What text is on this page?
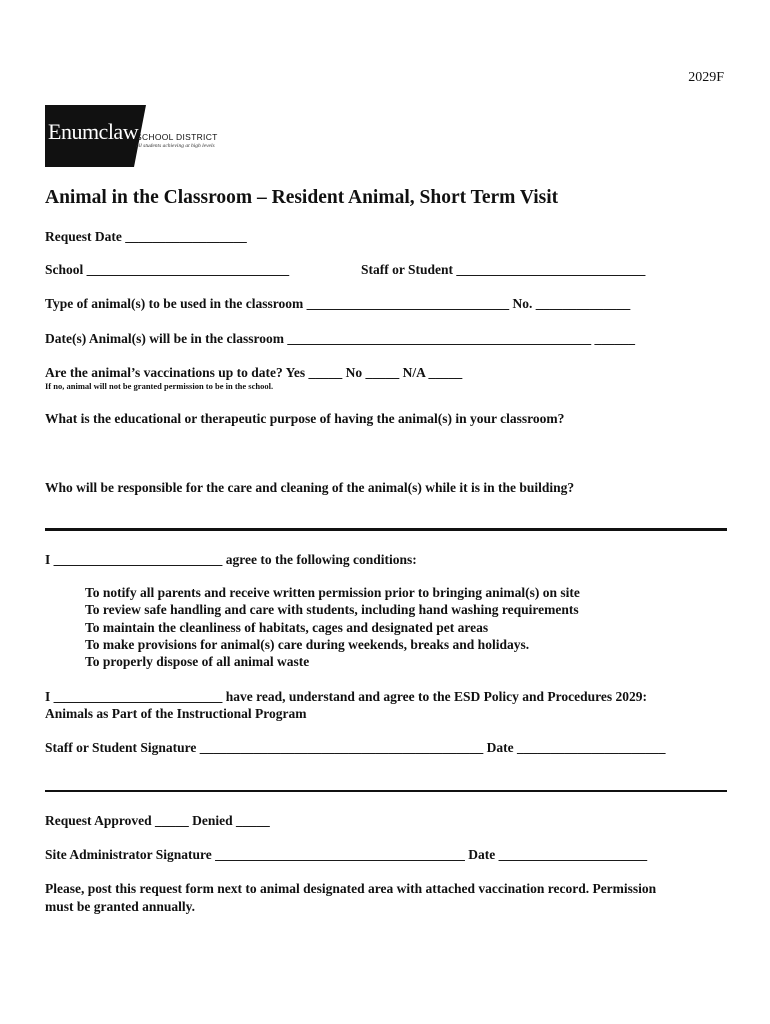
2029F
Enumclaw
SCHOOL DISTRICT
all students achieving at high levels
Animal in the Classroom – Resident Animal, Short Term Visit
Request Date __________________
School ______________________________	Staff or Student ____________________________
Type of animal(s) to be used in the classroom ______________________________ No. ______________
Date(s) Animal(s) will be in the classroom _____________________________________________ ______
Are the animal’s vaccinations up to date? Yes _____ No _____ N/A _____
If no, animal will not be granted permission to be in the school.
What is the educational or therapeutic purpose of having the animal(s) in your classroom?
Who will be responsible for the care and cleaning of the animal(s) while it is in the building?
I _________________________ agree to the following conditions:
To notify all parents and receive written permission prior to bringing animal(s) on site
To review safe handling and care with students, including hand washing requirements
To maintain the cleanliness of habitats, cages and designated pet areas
To make provisions for animal(s) care during weekends, breaks and holidays.
To properly dispose of all animal waste
I _________________________ have read, understand and agree to the ESD Policy and Procedures 2029:
Animals as Part of the Instructional Program
Staff or Student Signature __________________________________________ Date ______________________
Request Approved _____ Denied _____
Site Administrator Signature _____________________________________ Date ______________________
Please, post this request form next to animal designated area with attached vaccination record. Permission
must be granted annually.
